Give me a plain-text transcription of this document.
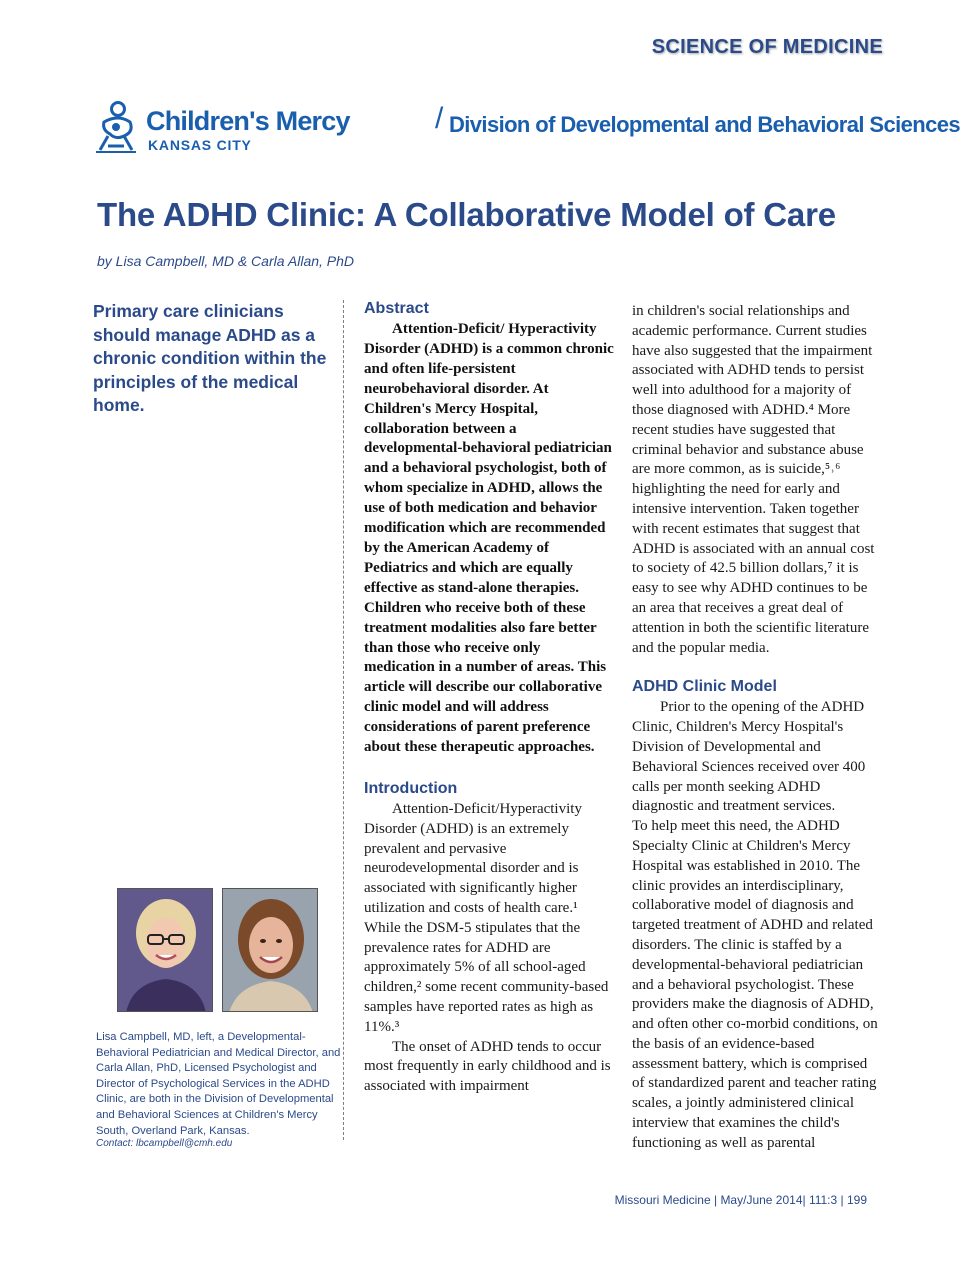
SCIENCE OF MEDICINE
Children's Mercy
KANSAS CITY
/ Division of Developmental and Behavioral Sciences
The ADHD Clinic: A Collaborative Model of Care
by Lisa Campbell, MD & Carla Allan, PhD
Primary care clinicians should manage ADHD as a chronic condition within the principles of the medical home.
Lisa Campbell, MD, left, a Developmental-Behavioral Pediatrician and Medical Director, and Carla Allan, PhD, Licensed Psychologist and Director of Psychological Services in the ADHD Clinic, are both in the Division of Developmental and Behavioral Sciences at Children's Mercy South, Overland Park, Kansas.
Contact: lbcampbell@cmh.edu
Abstract

Attention-Deficit/ Hyperactivity Disorder (ADHD) is a common chronic and often life-persistent neurobehavioral disorder. At Children's Mercy Hospital, collaboration between a developmental-behavioral pediatrician and a behavioral psychologist, both of whom specialize in ADHD, allows the use of both medication and behavior modification which are recommended by the American Academy of Pediatrics and which are equally effective as stand-alone therapies. Children who receive both of these treatment modalities also fare better than those who receive only medication in a number of areas. This article will describe our collaborative clinic model and will address considerations of parent preference about these therapeutic approaches.

Introduction

Attention-Deficit/Hyperactivity Disorder (ADHD) is an extremely prevalent and pervasive neurodevelopmental disorder and is associated with significantly higher utilization and costs of health care.¹ While the DSM-5 stipulates that the prevalence rates for ADHD are approximately 5% of all school-aged children,² some recent community-based samples have reported rates as high as 11%.³

The onset of ADHD tends to occur most frequently in early childhood and is associated with impairment

in children's social relationships and academic performance. Current studies have also suggested that the impairment associated with ADHD tends to persist well into adulthood for a majority of those diagnosed with ADHD.⁴ More recent studies have suggested that criminal behavior and substance abuse are more common, as is suicide,⁵˒⁶ highlighting the need for early and intensive intervention. Taken together with recent estimates that suggest that ADHD is associated with an annual cost to society of 42.5 billion dollars,⁷ it is easy to see why ADHD continues to be an area that receives a great deal of attention in both the scientific literature and the popular media.

ADHD Clinic Model

Prior to the opening of the ADHD Clinic, Children's Mercy Hospital's Division of Developmental and Behavioral Sciences received over 400 calls per month seeking ADHD diagnostic and treatment services.

To help meet this need, the ADHD Specialty Clinic at Children's Mercy Hospital was established in 2010. The clinic provides an interdisciplinary, collaborative model of diagnosis and targeted treatment of ADHD and related disorders. The clinic is staffed by a developmental-behavioral pediatrician and a behavioral psychologist. These providers make the diagnosis of ADHD, and often other co-morbid conditions, on the basis of an evidence-based assessment battery, which is comprised of standardized parent and teacher rating scales, a jointly administered clinical interview that examines the child's functioning as well as parental

Missouri Medicine | May/June 2014| 111:3 | 199
